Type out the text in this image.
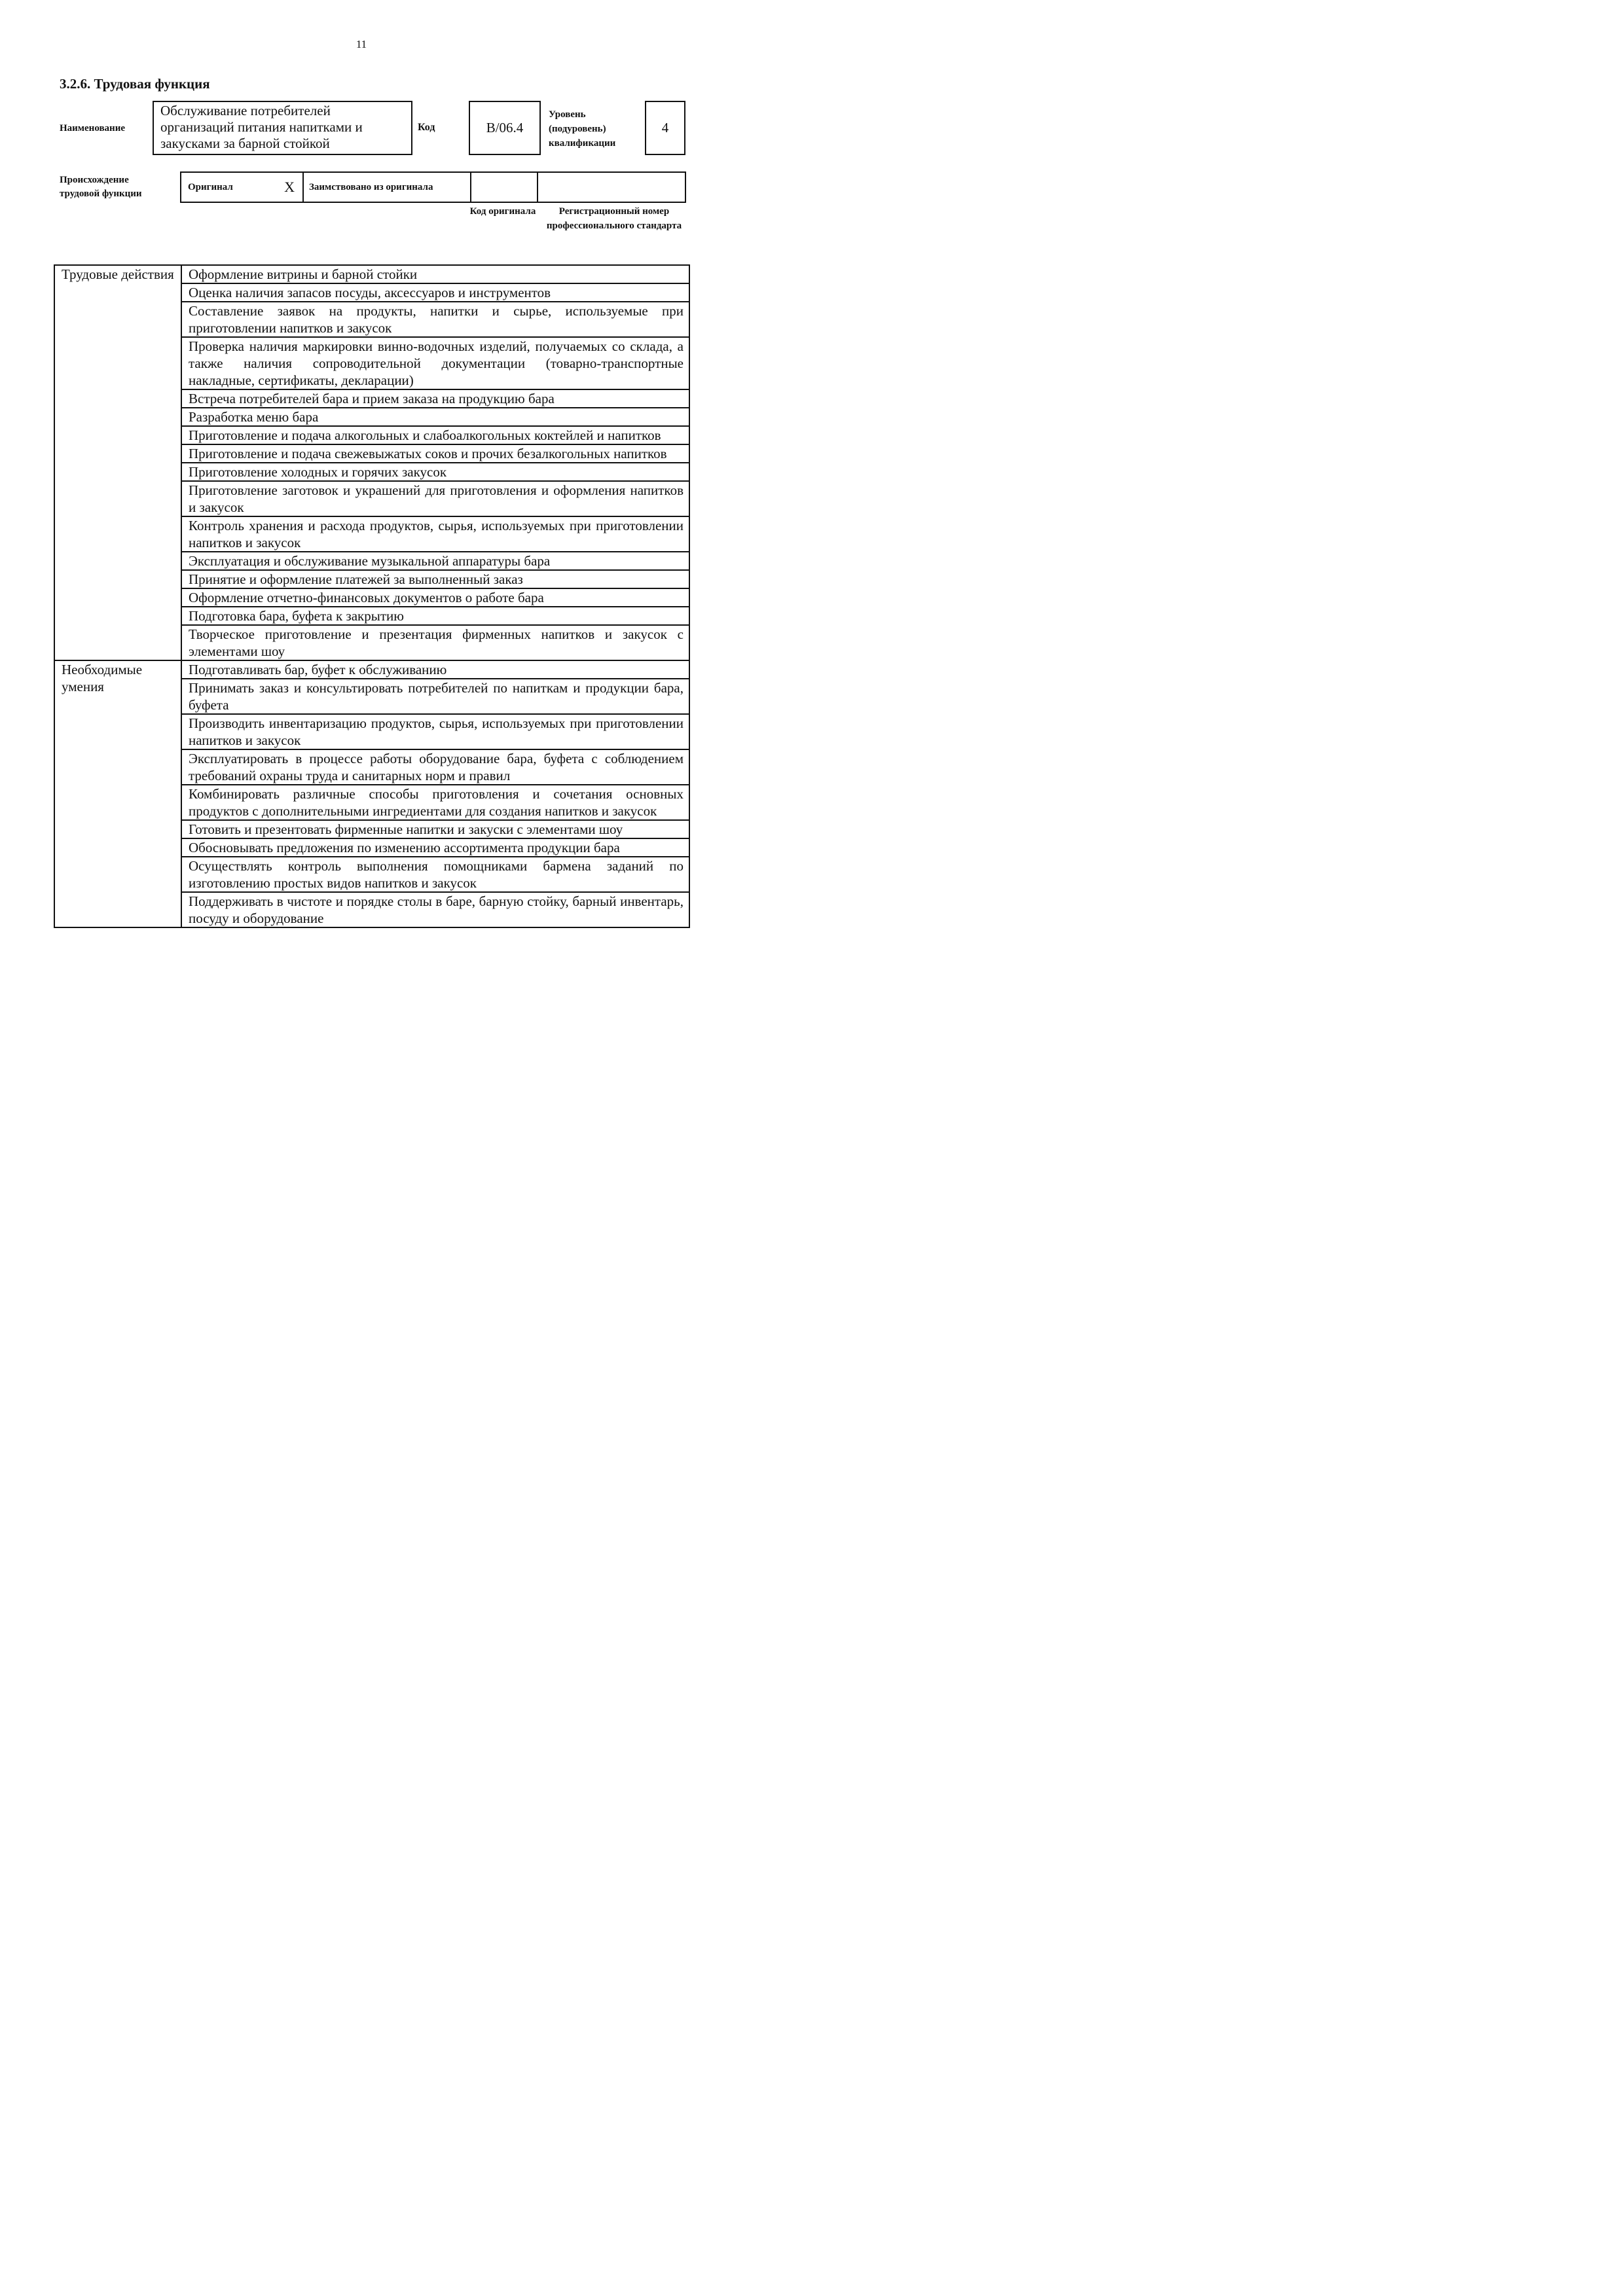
11
3.2.6. Трудовая функция
Наименование
Обслуживание потребителей организаций питания напитками и закусками за барной стойкой
Код	B/06.4
Уровень (подуровень) квалификации
4
Происхождение трудовой функции
Оригинал	X Заимствовано из оригинала
Код оригинала	Регистрационный номер профессионального стандарта
Трудовые действия	Оформление витрины и барной стойки
	Оценка наличия запасов посуды, аксессуаров и инструментов
	Составление заявок на продукты, напитки и сырье, используемые при приготовлении напитков и закусок
	Проверка наличия маркировки винно-водочных изделий, получаемых со склада, а также наличия сопроводительной документации (товарно-транспортные накладные, сертификаты, декларации)
	Встреча потребителей бара и прием заказа на продукцию бара
	Разработка меню бара
	Приготовление и подача алкогольных и слабоалкогольных коктейлей и напитков
	Приготовление и подача свежевыжатых соков и прочих безалкогольных напитков
	Приготовление холодных и горячих закусок
	Приготовление заготовок и украшений для приготовления и оформления напитков и закусок
	Контроль хранения и расхода продуктов, сырья, используемых при приготовлении напитков и закусок
	Эксплуатация и обслуживание музыкальной аппаратуры бара
	Принятие и оформление платежей за выполненный заказ
	Оформление отчетно-финансовых документов о работе бара
	Подготовка бара, буфета к закрытию
	Творческое приготовление и презентация фирменных напитков и закусок с элементами шоу
Необходимые умения	Подготавливать бар, буфет к обслуживанию
	Принимать заказ и консультировать потребителей по напиткам и продукции бара, буфета
	Производить инвентаризацию продуктов, сырья, используемых при приготовлении напитков и закусок
	Эксплуатировать в процессе работы оборудование бара, буфета с соблюдением требований охраны труда и санитарных норм и правил
	Комбинировать различные способы приготовления и сочетания основных продуктов с дополнительными ингредиентами для создания напитков и закусок
	Готовить и презентовать фирменные напитки и закуски с элементами шоу
	Обосновывать предложения по изменению ассортимента продукции бара
	Осуществлять контроль выполнения помощниками бармена заданий по изготовлению простых видов напитков и закусок
	Поддерживать в чистоте и порядке столы в баре, барную стойку, барный инвентарь, посуду и оборудование
